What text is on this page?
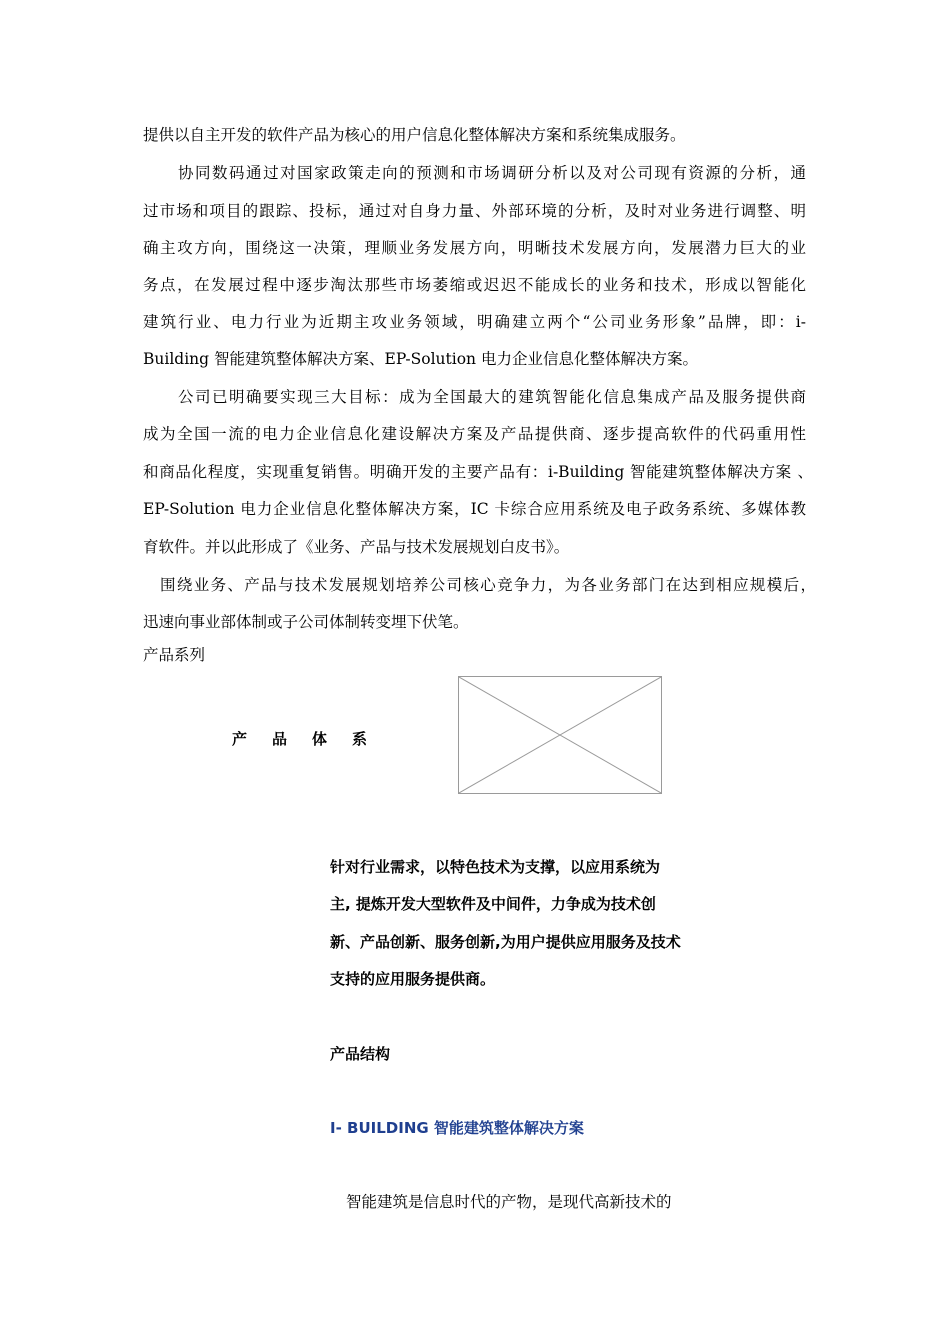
提供以自主开发的软件产品为核心的用户信息化整体解决方案和系统集成服务。
协同数码通过对国家政策走向的预测和市场调研分析以及对公司现有资源的分析，通
过市场和项目的跟踪、投标，通过对自身力量、外部环境的分析，及时对业务进行调整、明
确主攻方向，围绕这一决策，理顺业务发展方向，明晰技术发展方向，发展潜力巨大的业
务点，在发展过程中逐步淘汰那些市场萎缩或迟迟不能成长的业务和技术，形成以智能化
建筑行业、电力行业为近期主攻业务领域，明确建立两个“公司业务形象”品牌，即：i-
Building 智能建筑整体解决方案、EP-Solution 电力企业信息化整体解决方案。
公司已明确要实现三大目标：成为全国最大的建筑智能化信息集成产品及服务提供商
成为全国一流的电力企业信息化建设解决方案及产品提供商、逐步提高软件的代码重用性
和商品化程度，实现重复销售。明确开发的主要产品有：i-Building 智能建筑整体解决方案 、
EP-Solution 电力企业信息化整体解决方案，IC 卡综合应用系统及电子政务系统、多媒体教
育软件。并以此形成了《业务、产品与技术发展规划白皮书》。
围绕业务、产品与技术发展规划培养公司核心竞争力，为各业务部门在达到相应规模后，
迅速向事业部体制或子公司体制转变埋下伏笔。
产品系列
产 品 体 系
针对行业需求，以特色技术为支撑，以应用系统为
主, 提炼开发大型软件及中间件，力争成为技术创
新、产品创新、服务创新,为用户提供应用服务及技术
支持的应用服务提供商。
产品结构
I- BUILDING 智能建筑整体解决方案
智能建筑是信息时代的产物，是现代高新技术的
